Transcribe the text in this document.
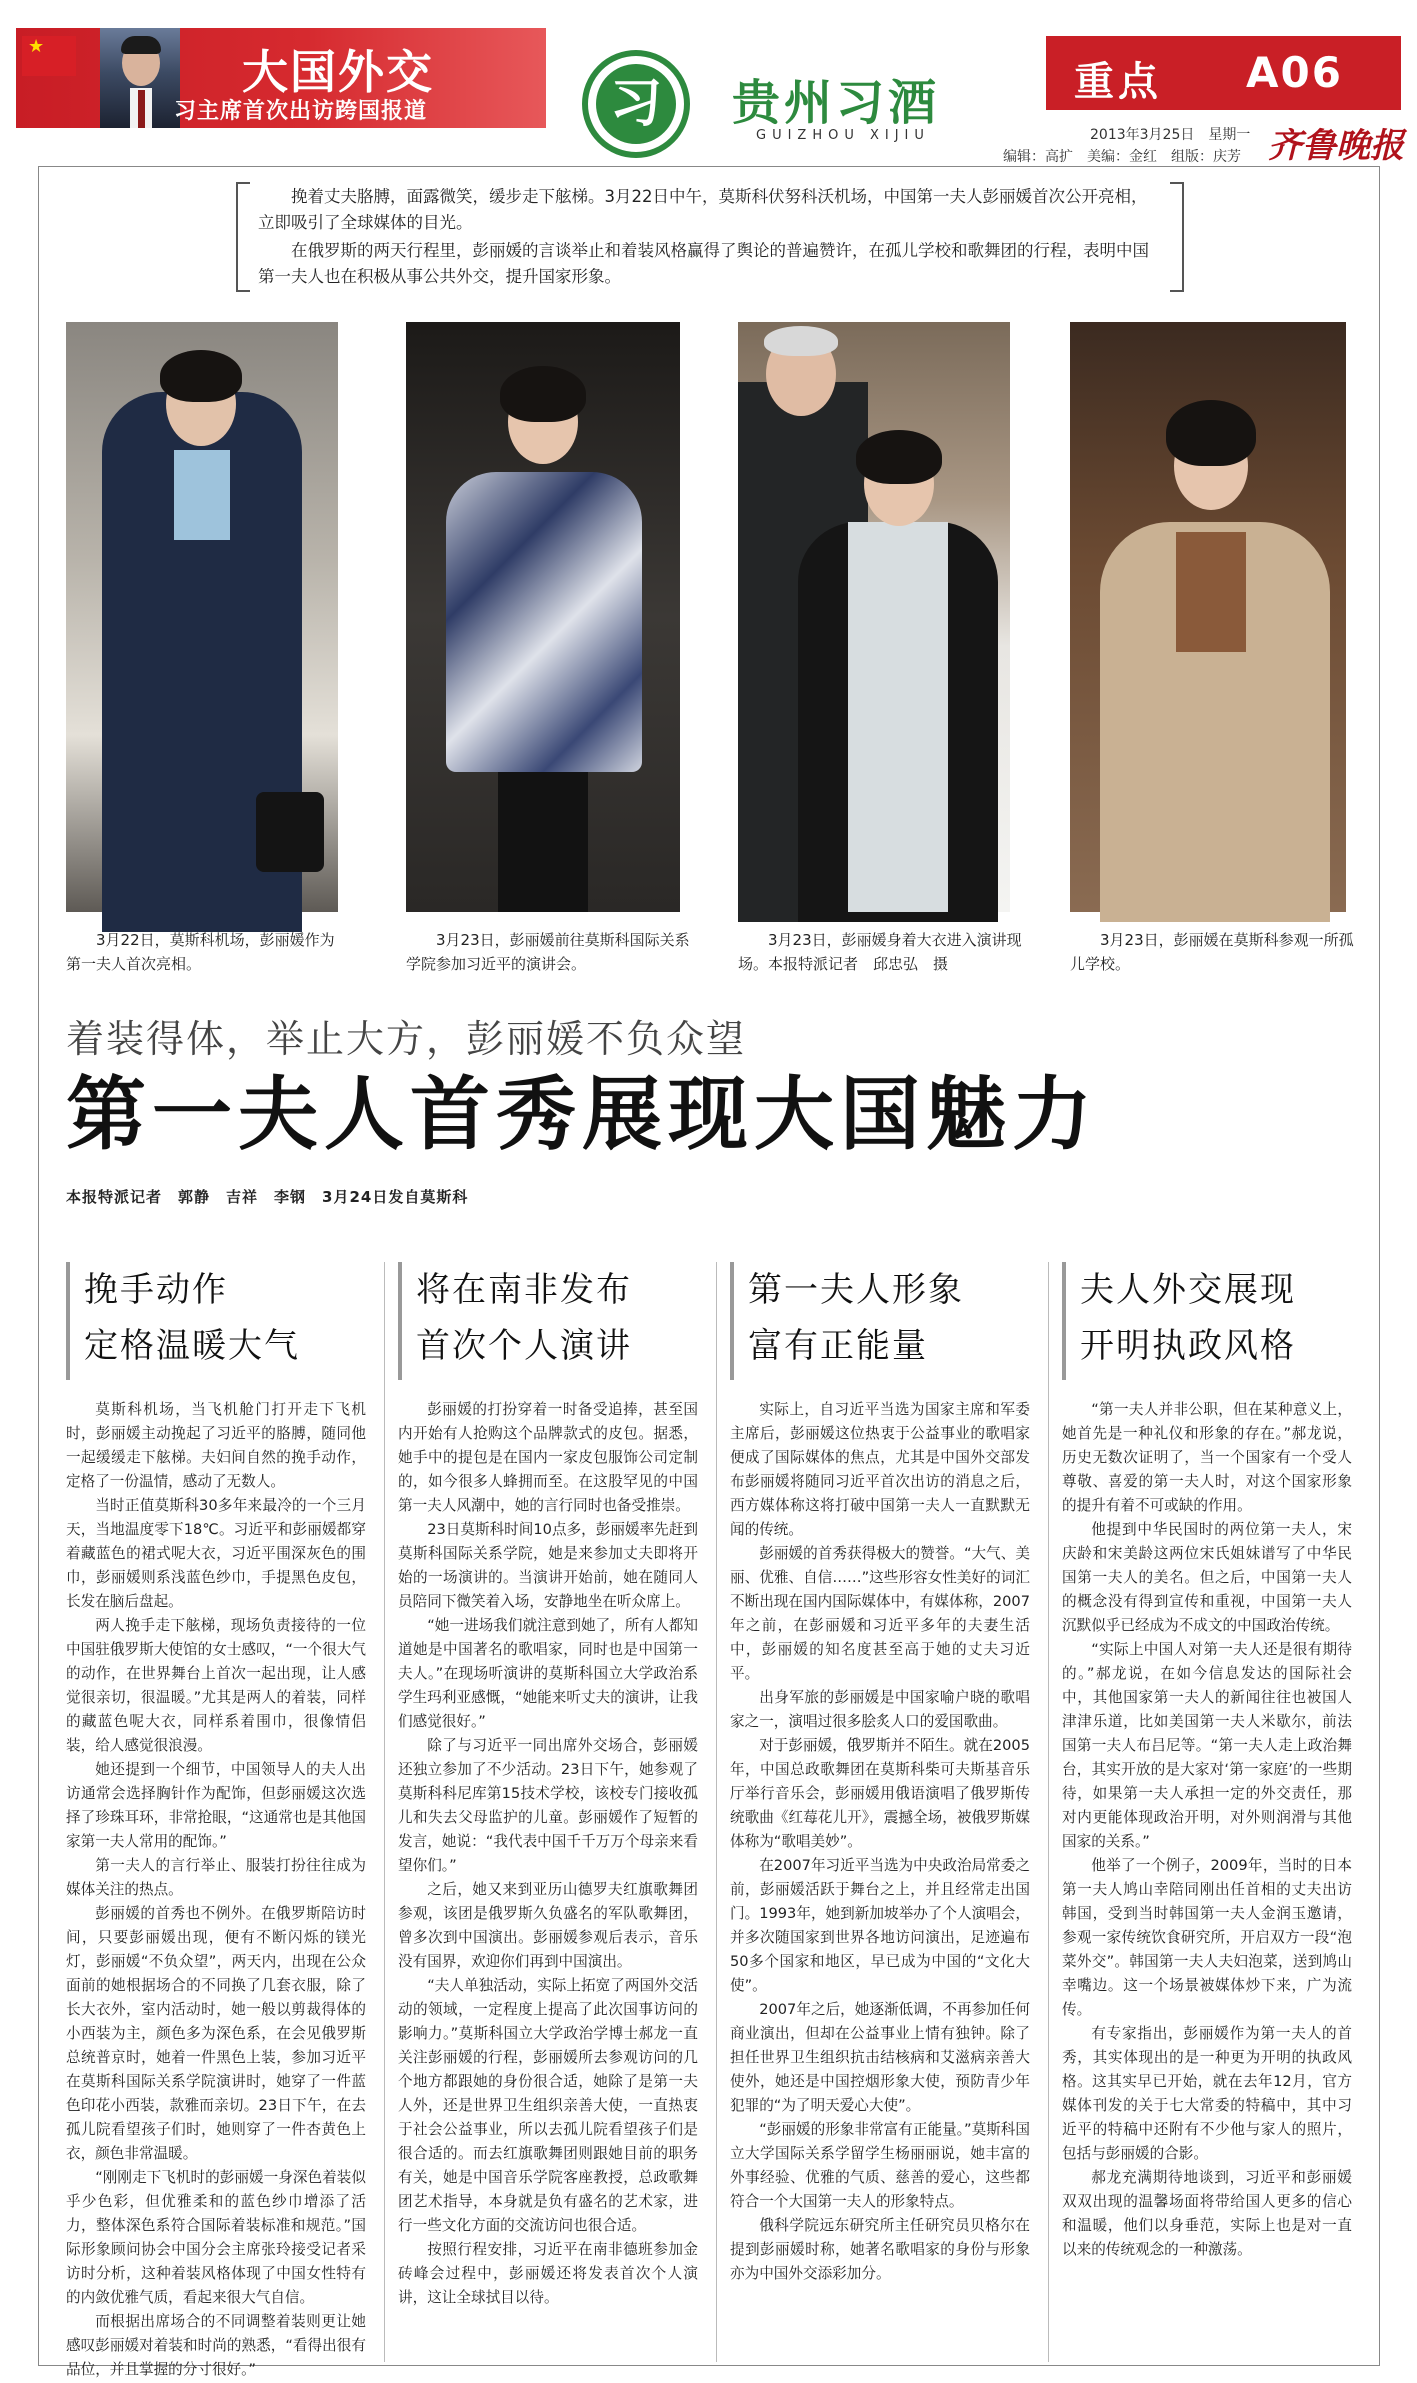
★	大国外交
习主席首次出访跨国报道	习 贵州习酒
GUIZHOU XIJIU
重点 A06
2013年3月25日　星期一
编辑：高扩　美编：金红　组版：庆芳 齐鲁晚报

挽着丈夫胳膊，面露微笑，缓步走下舷梯。3月22日中午，莫斯科伏努科沃机场，中国第一夫人彭丽媛首次公开亮相，立即吸引了全球媒体的目光。

在俄罗斯的两天行程里，彭丽媛的言谈举止和着装风格赢得了舆论的普遍赞许，在孤儿学校和歌舞团的行程，表明中国第一夫人也在积极从事公共外交，提升国家形象。

3月22日，莫斯科机场，彭丽媛作为第一夫人首次亮相。

3月23日，彭丽媛前往莫斯科国际关系学院参加习近平的演讲会。

3月23日，彭丽媛身着大衣进入演讲现场。本报特派记者　邱忠弘　摄

3月23日，彭丽媛在莫斯科参观一所孤儿学校。

着装得体，举止大方，彭丽媛不负众望
第一夫人首秀展现大国魅力
本报特派记者　郭静　吉祥　李钢　3月24日发自莫斯科
挽手动作
定格温暖大气

莫斯科机场，当飞机舱门打开走下飞机时，彭丽媛主动挽起了习近平的胳膊，随同他一起缓缓走下舷梯。夫妇间自然的挽手动作，定格了一份温情，感动了无数人。

当时正值莫斯科30多年来最冷的一个三月天，当地温度零下18℃。习近平和彭丽媛都穿着藏蓝色的裙式呢大衣，习近平围深灰色的围巾，彭丽媛则系浅蓝色纱巾，手提黑色皮包，长发在脑后盘起。

两人挽手走下舷梯，现场负责接待的一位中国驻俄罗斯大使馆的女士感叹，“一个很大气的动作，在世界舞台上首次一起出现，让人感觉很亲切，很温暖。”尤其是两人的着装，同样的藏蓝色呢大衣，同样系着围巾，很像情侣装，给人感觉很浪漫。

她还提到一个细节，中国领导人的夫人出访通常会选择胸针作为配饰，但彭丽媛这次选择了珍珠耳环，非常抢眼，“这通常也是其他国家第一夫人常用的配饰。”

第一夫人的言行举止、服装打扮往往成为媒体关注的热点。

彭丽媛的首秀也不例外。在俄罗斯陪访时间，只要彭丽媛出现，便有不断闪烁的镁光灯，彭丽媛“不负众望”，两天内，出现在公众面前的她根据场合的不同换了几套衣服，除了长大衣外，室内活动时，她一般以剪裁得体的小西装为主，颜色多为深色系，在会见俄罗斯总统普京时，她着一件黑色上装，参加习近平在莫斯科国际关系学院演讲时，她穿了一件蓝色印花小西装，款雅而亲切。23日下午，在去孤儿院看望孩子们时，她则穿了一件杏黄色上衣，颜色非常温暖。

“刚刚走下飞机时的彭丽媛一身深色着装似乎少色彩，但优雅柔和的蓝色纱巾增添了活力，整体深色系符合国际着装标准和规范。”国际形象顾问协会中国分会主席张玲接受记者采访时分析，这种着装风格体现了中国女性特有的内敛优雅气质，看起来很大气自信。

而根据出席场合的不同调整着装则更让她感叹彭丽媛对着装和时尚的熟悉，“看得出很有品位，并且掌握的分寸很好。”

将在南非发布
首次个人演讲

彭丽媛的打扮穿着一时备受追捧，甚至国内开始有人抢购这个品牌款式的皮包。据悉，她手中的提包是在国内一家皮包服饰公司定制的，如今很多人蜂拥而至。在这股罕见的中国第一夫人风潮中，她的言行同时也备受推崇。

23日莫斯科时间10点多，彭丽媛率先赶到莫斯科国际关系学院，她是来参加丈夫即将开始的一场演讲的。当演讲开始前，她在随同人员陪同下微笑着入场，安静地坐在听众席上。

“她一进场我们就注意到她了，所有人都知道她是中国著名的歌唱家，同时也是中国第一夫人。”在现场听演讲的莫斯科国立大学政治系学生玛利亚感慨，“她能来听丈夫的演讲，让我们感觉很好。”

除了与习近平一同出席外交场合，彭丽媛还独立参加了不少活动。23日下午，她参观了莫斯科科尼库第15技术学校，该校专门接收孤儿和失去父母监护的儿童。彭丽媛作了短暂的发言，她说：“我代表中国千千万万个母亲来看望你们。”

之后，她又来到亚历山德罗夫红旗歌舞团参观，该团是俄罗斯久负盛名的军队歌舞团，曾多次到中国演出。彭丽媛参观后表示，音乐没有国界，欢迎你们再到中国演出。

“夫人单独活动，实际上拓宽了两国外交活动的领域，一定程度上提高了此次国事访问的影响力。”莫斯科国立大学政治学博士郝龙一直关注彭丽媛的行程，彭丽媛所去参观访问的几个地方都跟她的身份很合适，她除了是第一夫人外，还是世界卫生组织亲善大使，一直热衷于社会公益事业，所以去孤儿院看望孩子们是很合适的。而去红旗歌舞团则跟她目前的职务有关，她是中国音乐学院客座教授，总政歌舞团艺术指导，本身就是负有盛名的艺术家，进行一些文化方面的交流访问也很合适。

按照行程安排，习近平在南非德班参加金砖峰会过程中，彭丽媛还将发表首次个人演讲，这让全球拭目以待。

第一夫人形象
富有正能量

实际上，自习近平当选为国家主席和军委主席后，彭丽媛这位热衷于公益事业的歌唱家便成了国际媒体的焦点，尤其是中国外交部发布彭丽媛将随同习近平首次出访的消息之后，西方媒体称这将打破中国第一夫人一直默默无闻的传统。

彭丽媛的首秀获得极大的赞誉。“大气、美丽、优雅、自信……”这些形容女性美好的词汇不断出现在国内国际媒体中，有媒体称，2007年之前，在彭丽媛和习近平多年的夫妻生活中，彭丽媛的知名度甚至高于她的丈夫习近平。

出身军旅的彭丽媛是中国家喻户晓的歌唱家之一，演唱过很多脍炙人口的爱国歌曲。

对于彭丽媛，俄罗斯并不陌生。就在2005年，中国总政歌舞团在莫斯科柴可夫斯基音乐厅举行音乐会，彭丽媛用俄语演唱了俄罗斯传统歌曲《红莓花儿开》，震撼全场，被俄罗斯媒体称为“歌唱美妙”。

在2007年习近平当选为中央政治局常委之前，彭丽媛活跃于舞台之上，并且经常走出国门。1993年，她到新加坡举办了个人演唱会，并多次随国家到世界各地访问演出，足迹遍布50多个国家和地区，早已成为中国的“文化大使”。

2007年之后，她逐渐低调，不再参加任何商业演出，但却在公益事业上情有独钟。除了担任世界卫生组织抗击结核病和艾滋病亲善大使外，她还是中国控烟形象大使，预防青少年犯罪的“为了明天爱心大使”。

“彭丽媛的形象非常富有正能量。”莫斯科国立大学国际关系学留学生杨丽丽说，她丰富的外事经验、优雅的气质、慈善的爱心，这些都符合一个大国第一夫人的形象特点。

俄科学院远东研究所主任研究员贝格尔在提到彭丽媛时称，她著名歌唱家的身份与形象亦为中国外交添彩加分。

夫人外交展现
开明执政风格

“第一夫人并非公职，但在某种意义上，她首先是一种礼仪和形象的存在。”郝龙说，历史无数次证明了，当一个国家有一个受人尊敬、喜爱的第一夫人时，对这个国家形象的提升有着不可或缺的作用。

他提到中华民国时的两位第一夫人，宋庆龄和宋美龄这两位宋氏姐妹谱写了中华民国第一夫人的美名。但之后，中国第一夫人的概念没有得到宣传和重视，中国第一夫人沉默似乎已经成为不成文的中国政治传统。

“实际上中国人对第一夫人还是很有期待的。”郝龙说，在如今信息发达的国际社会中，其他国家第一夫人的新闻往往也被国人津津乐道，比如美国第一夫人米歇尔，前法国第一夫人布吕尼等。“第一夫人走上政治舞台，其实开放的是大家对‘第一家庭’的一些期待，如果第一夫人承担一定的外交责任，那对内更能体现政治开明，对外则润滑与其他国家的关系。”

他举了一个例子，2009年，当时的日本第一夫人鸠山幸陪同刚出任首相的丈夫出访韩国，受到当时韩国第一夫人金润玉邀请，参观一家传统饮食研究所，开启双方一段“泡菜外交”。韩国第一夫人夫妇泡菜，送到鸠山幸嘴边。这一个场景被媒体炒下来，广为流传。

有专家指出，彭丽媛作为第一夫人的首秀，其实体现出的是一种更为开明的执政风格。这其实早已开始，就在去年12月，官方媒体刊发的关于七大常委的特稿中，其中习近平的特稿中还附有不少他与家人的照片，包括与彭丽媛的合影。

郝龙充满期待地谈到，习近平和彭丽媛双双出现的温馨场面将带给国人更多的信心和温暖，他们以身垂范，实际上也是对一直以来的传统观念的一种激荡。
